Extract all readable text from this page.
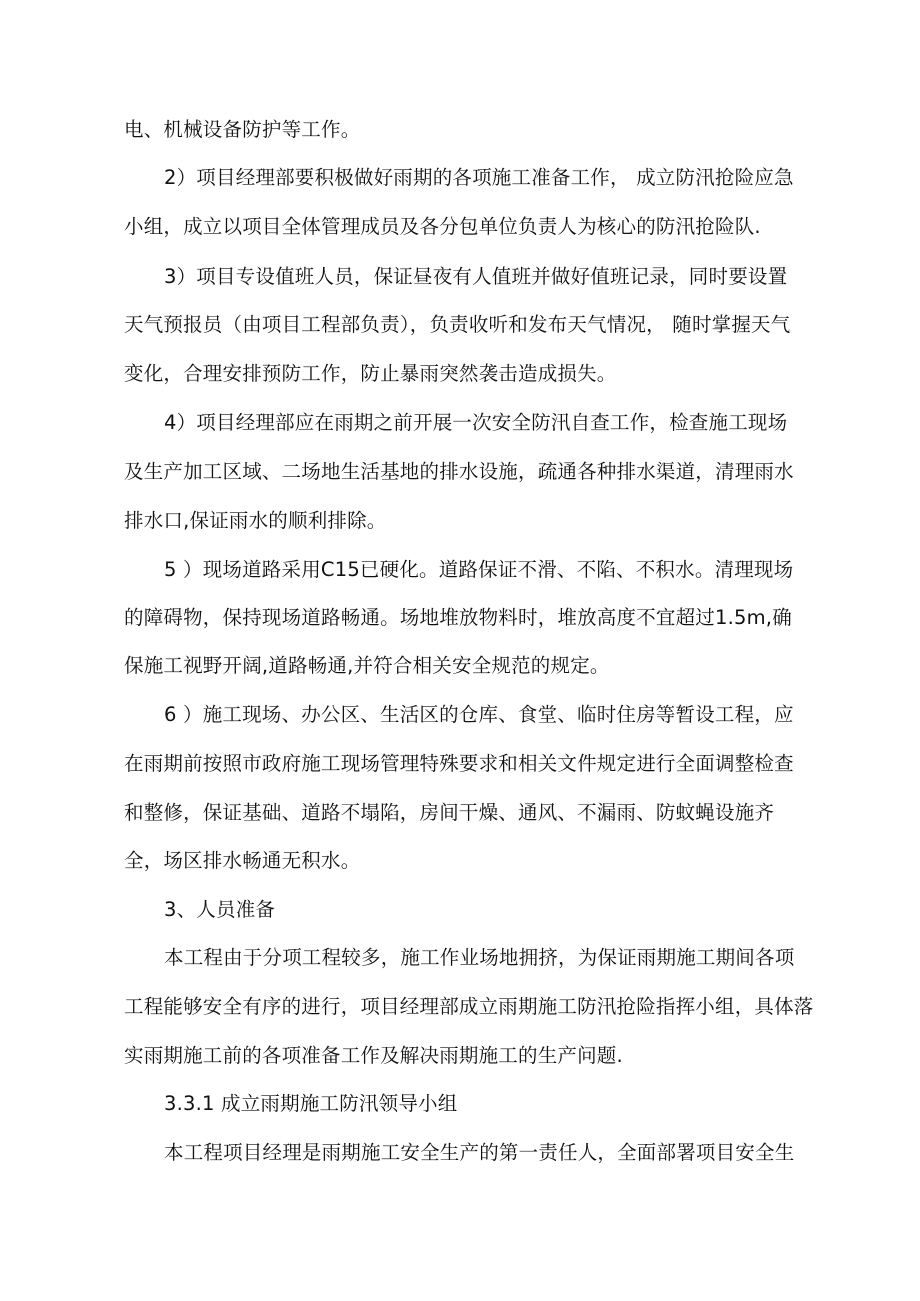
电、机械设备防护等工作。
2）项目经理部要积极做好雨期的各项施工准备工作， 成立防汛抢险应急
小组，成立以项目全体管理成员及各分包单位负责人为核心的防汛抢险队.
3）项目专设值班人员，保证昼夜有人值班并做好值班记录，同时要设置
天气预报员（由项目工程部负责），负责收听和发布天气情况， 随时掌握天气
变化，合理安排预防工作，防止暴雨突然袭击造成损失。
4）项目经理部应在雨期之前开展一次安全防汛自查工作，检查施工现场
及生产加工区域、二场地生活基地的排水设施，疏通各种排水渠道，清理雨水
排水口,保证雨水的顺利排除。
5 ）现场道路采用C15已硬化。道路保证不滑、不陷、不积水。清理现场
的障碍物，保持现场道路畅通。场地堆放物料时，堆放高度不宜超过1.5m,确
保施工视野开阔,道路畅通,并符合相关安全规范的规定。
6 ）施工现场、办公区、生活区的仓库、食堂、临时住房等暂设工程，应
在雨期前按照市政府施工现场管理特殊要求和相关文件规定进行全面调整检查
和整修，保证基础、道路不塌陷，房间干燥、通风、不漏雨、防蚊蝇设施齐
全，场区排水畅通无积水。
3、人员准备
本工程由于分项工程较多，施工作业场地拥挤，为保证雨期施工期间各项
工程能够安全有序的进行，项目经理部成立雨期施工防汛抢险指挥小组，具体落
实雨期施工前的各项准备工作及解决雨期施工的生产问题.
3.3.1 成立雨期施工防汛领导小组
本工程项目经理是雨期施工安全生产的第一责任人，全面部署项目安全生
